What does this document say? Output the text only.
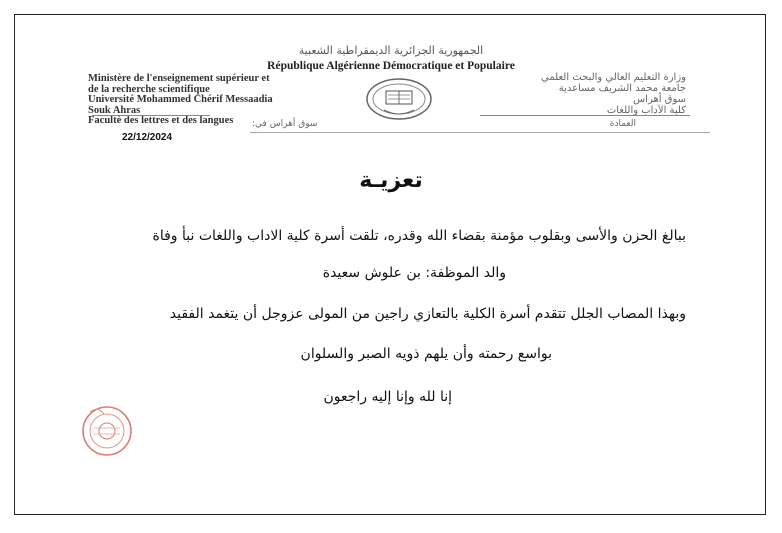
الجمهورية الجزائرية الديمقراطية الشعبية
République Algérienne Démocratique et Populaire
Ministère de l'enseignement supérieur et
de la recherche scientifique
Université Mohammed Chérif Messaadia
Souk Ahras
Faculté des lettres et des langues
وزارة التعليم العالي والبحث العلمي
جامعة محمد الشريف مساعدية
سوق أهراس
كلية الآداب واللغات
22/12/2024
سوق أهراس في:	العمادة
تعزيـة
ببالغ الحزن والأسى وبقلوب مؤمنة بقضاء الله وقدره، تلقت أسرة كلية الاداب واللغات نبأ وفاة
والد الموظفة: بن علوش سعيدة
وبهذا المصاب الجلل تتقدم أسرة الكلية بالتعازي راجين من المولى عزوجل أن يتغمد الفقيد
بواسع رحمته وأن يلهم ذويه الصبر والسلوان
إنا لله وإنا إليه راجعون
